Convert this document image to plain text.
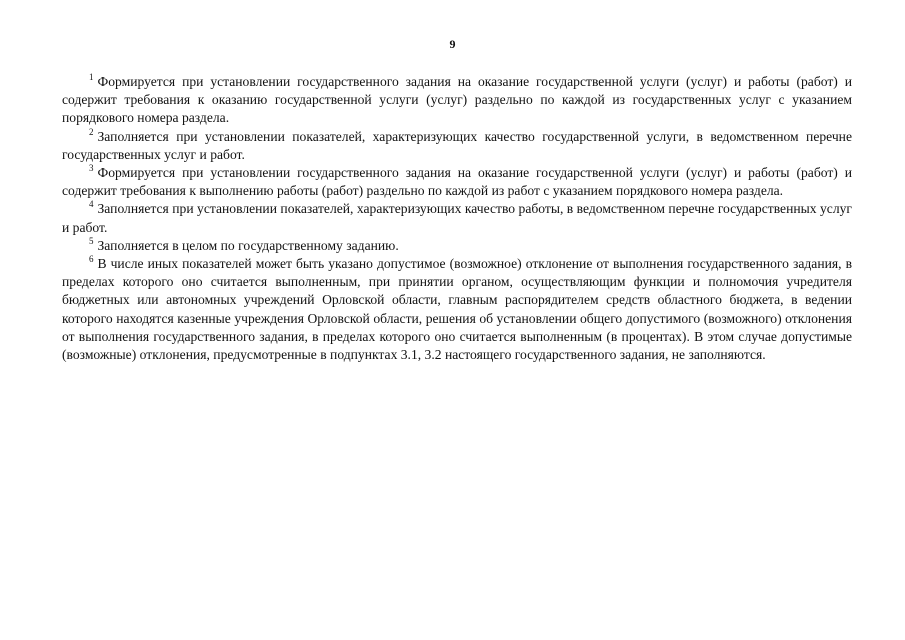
9

$^1$ Формируется при установлении государственного задания на оказание государственной услуги (услуг) и работы (работ) и содержит требования к оказанию государственной услуги (услуг) раздельно по каждой из государственных услуг с указанием порядкового номера раздела.

$^2$ Заполняется при установлении показателей, характеризующих качество государственной услуги, в ведомственном перечне государственных услуг и работ.

$^3$ Формируется при установлении государственного задания на оказание государственной услуги (услуг) и работы (работ) и содержит требования к выполнению работы (работ) раздельно по каждой из работ с указанием порядкового номера раздела.

$^4$ Заполняется при установлении показателей, характеризующих качество работы, в ведомственном перечне государственных услуг и работ.

$^5$ Заполняется в целом по государственному заданию.

$^6$ В числе иных показателей может быть указано допустимое (возможное) отклонение от выполнения государственного задания, в пределах которого оно считается выполненным, при принятии органом, осуществляющим функции и полномочия учредителя бюджетных или автономных учреждений Орловской области, главным распорядителем средств областного бюджета, в ведении которого находятся казенные учреждения Орловской области, решения об установлении общего допустимого (возможного) отклонения от выполнения государственного задания, в пределах которого оно считается выполненным (в процентах). В этом случае допустимые (возможные) отклонения, предусмотренные в подпунктах 3.1, 3.2 настоящего государственного задания, не заполняются.
